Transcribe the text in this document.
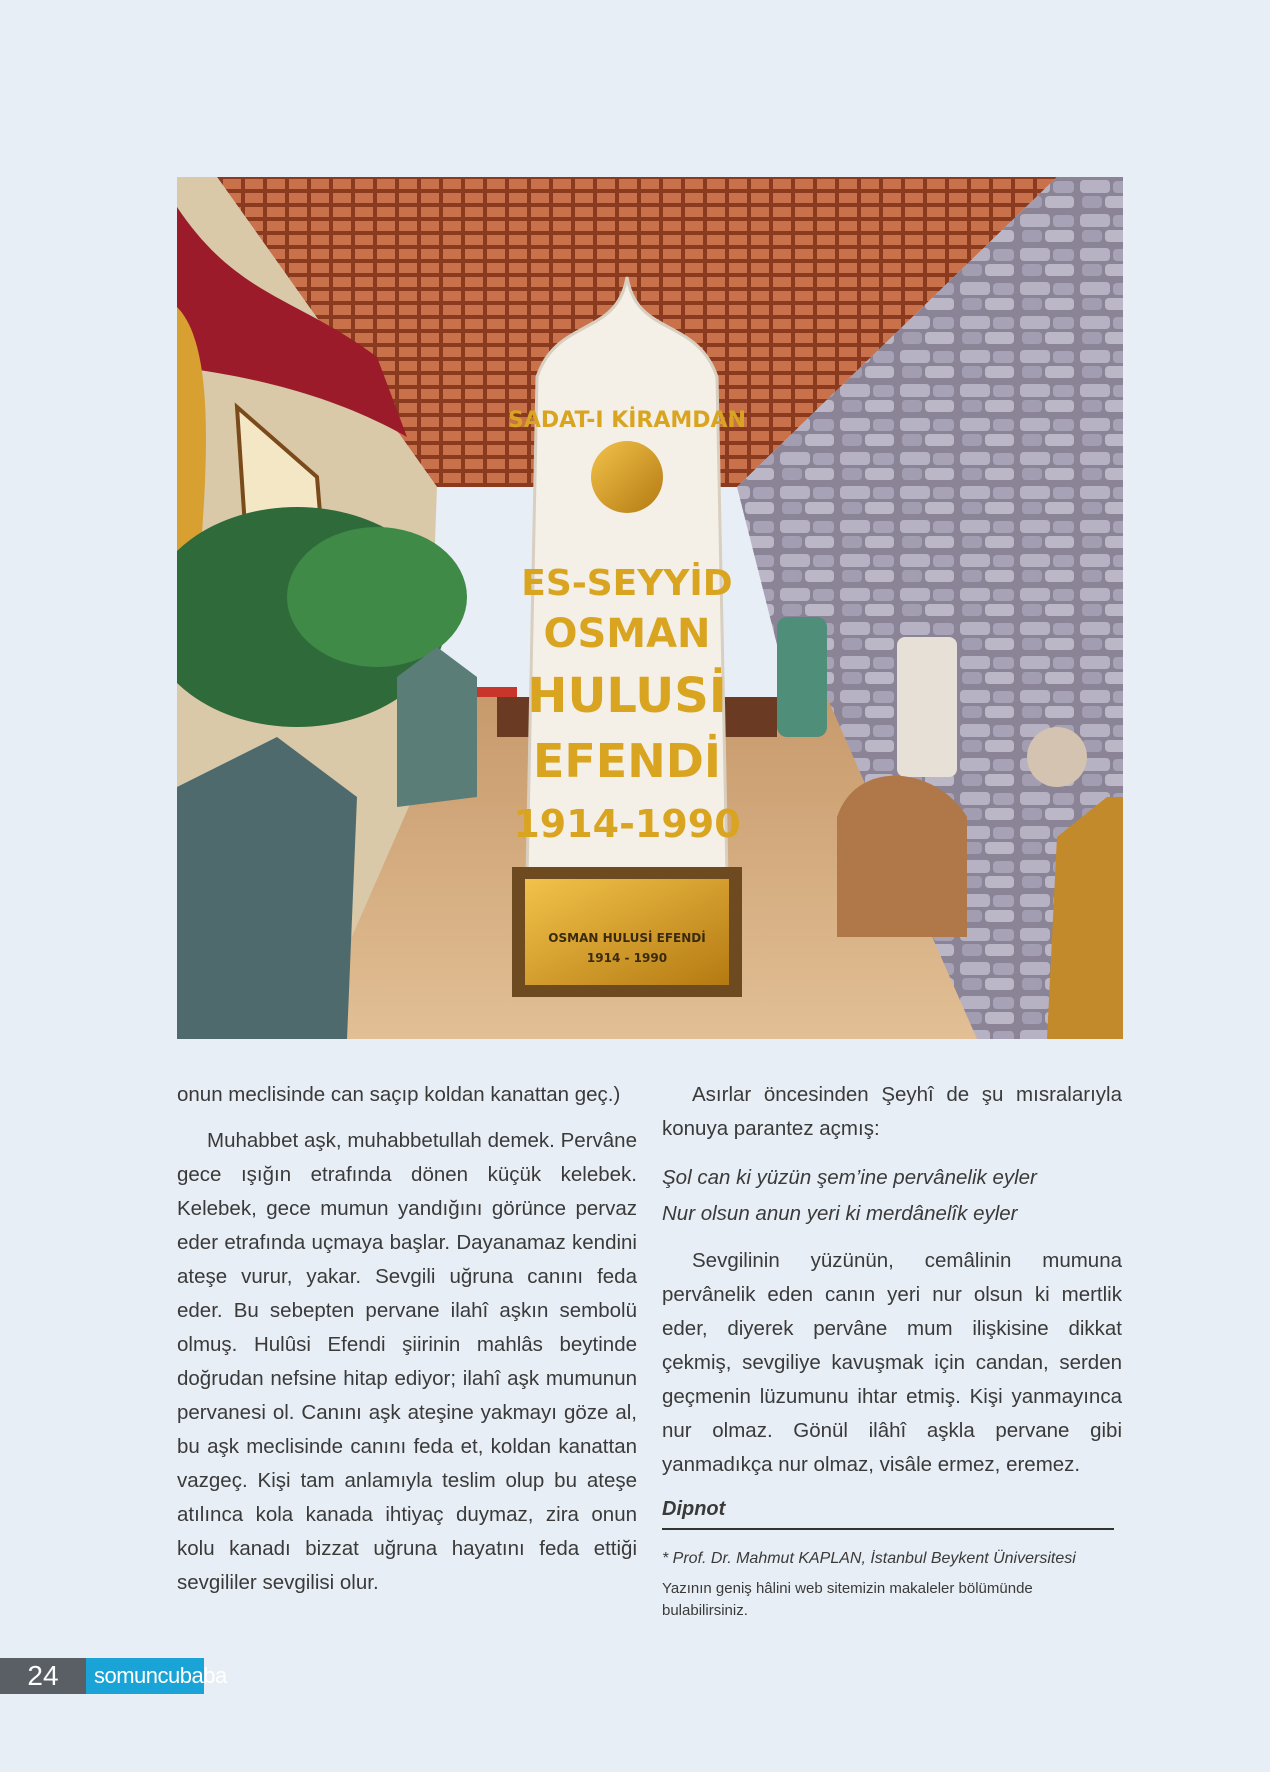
SADAT-I KİRAMDAN
ES-SEYYİD
OSMAN
HULUSİ
EFENDİ
1914-1990
OSMAN HULUSİ EFENDİ
1914 - 1990

onun meclisinde can saçıp koldan kanattan geç.)

Muhabbet aşk, muhabbetullah demek. Pervâne gece ışığın etrafında dönen küçük kelebek. Kelebek, gece mumun yandığını görünce pervaz eder etrafında uçmaya başlar. Dayanamaz kendini ateşe vurur, yakar. Sevgili uğruna canını feda eder. Bu sebepten pervane ilahî aşkın sembolü olmuş. Hulûsi Efendi şiirinin mahlâs beytinde doğrudan nefsine hitap ediyor; ilahî aşk mumunun pervanesi ol. Canını aşk ateşine yakmayı göze al, bu aşk meclisinde canını feda et, koldan kanattan vazgeç. Kişi tam anlamıyla teslim olup bu ateşe atılınca kola kanada ihtiyaç duymaz, zira onun kolu kanadı bizzat uğruna hayatını feda ettiği sevgililer sevgilisi olur.

Asırlar öncesinden Şeyhî de şu mısralarıyla konuya parantez açmış:

Şol can ki yüzün şem’ine pervânelik eyler

Nur olsun anun yeri ki merdânelîk eyler

Sevgilinin yüzünün, cemâlinin mumuna pervânelik eden canın yeri nur olsun ki mertlik eder, diyerek pervâne mum ilişkisine dikkat çekmiş, sevgiliye kavuşmak için candan, serden geçmenin lüzumunu ihtar etmiş. Kişi yanmayınca nur olmaz. Gönül ilâhî aşkla pervane gibi yanmadıkça nur olmaz, visâle ermez, eremez.

Dipnot
* Prof. Dr. Mahmut KAPLAN, İstanbul Beykent Üniversitesi
Yazının geniş hâlini web sitemizin makaleler bölümünde bulabilirsiniz.
24	somuncubaba
